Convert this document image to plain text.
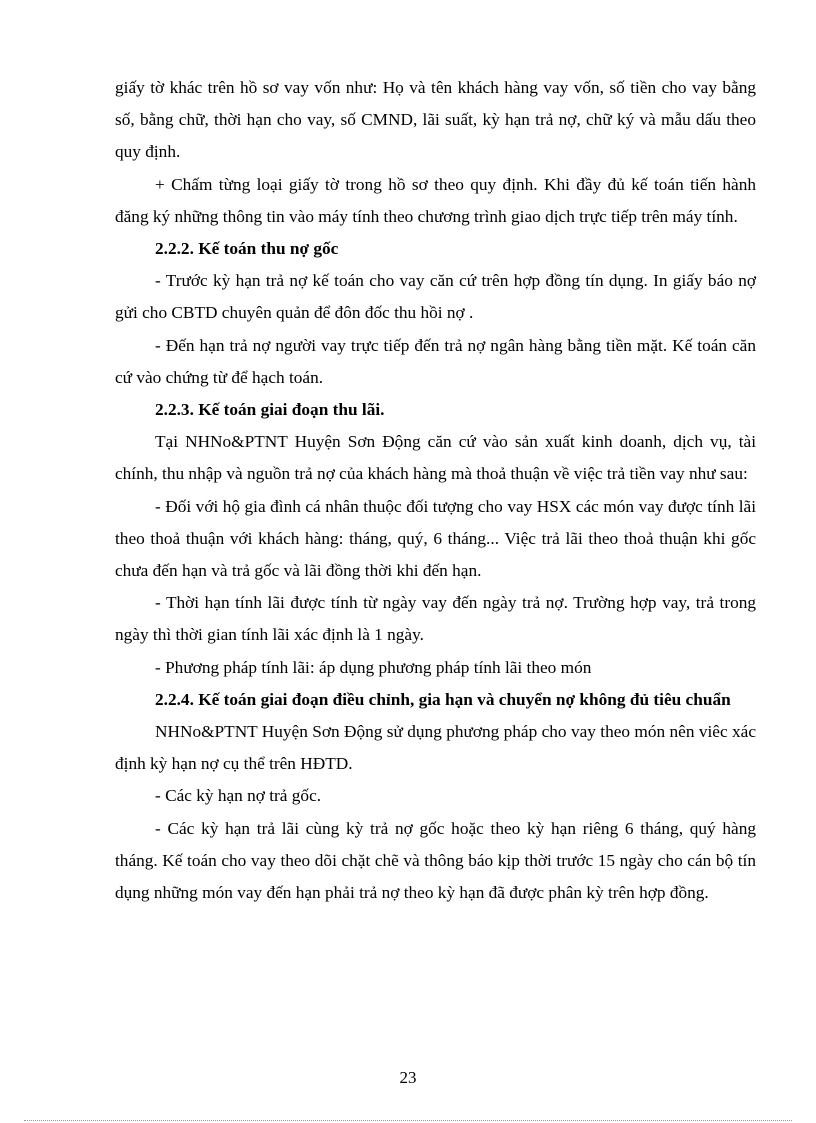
giấy tờ khác trên hồ sơ vay vốn như: Họ và tên khách hàng vay vốn, số tiền cho vay bằng số, bằng chữ, thời hạn cho vay, số CMND, lãi suất, kỳ hạn trả nợ, chữ ký và mẫu dấu theo quy định.

+ Chấm từng loại giấy tờ trong hồ sơ theo quy định. Khi đầy đủ kế toán tiến hành đăng ký những thông tin vào máy tính theo chương trình giao dịch trực tiếp trên máy tính.

2.2.2. Kế toán thu nợ gốc

- Trước kỳ hạn trả nợ kế toán cho vay căn cứ trên hợp đồng tín dụng. In giấy báo nợ gửi cho CBTD chuyên quản để đôn đốc thu hồi nợ .

- Đến hạn trả nợ người vay trực tiếp đến trả nợ ngân hàng bằng tiền mặt. Kế toán căn cứ vào chứng từ để hạch toán.

2.2.3. Kế toán giai đoạn thu lãi.

Tại NHNo&PTNT Huyện Sơn Động căn cứ vào sản xuất kinh doanh, dịch vụ, tài chính, thu nhập và nguồn trả nợ của khách hàng mà thoả thuận về việc trả tiền vay như sau:

- Đối với hộ gia đình cá nhân thuộc đối tượng cho vay HSX các món vay được tính lãi theo thoả thuận với khách hàng: tháng, quý, 6 tháng... Việc trả lãi theo thoả thuận khi gốc chưa đến hạn và trả gốc và lãi đồng thời khi đến hạn.

- Thời hạn tính lãi được tính từ ngày vay đến ngày trả nợ. Trường hợp vay, trả trong ngày thì thời gian tính lãi xác định là 1 ngày.

- Phương pháp tính lãi: áp dụng phương pháp tính lãi theo món

2.2.4. Kế toán giai đoạn điều chỉnh, gia hạn và chuyển nợ không đủ tiêu chuẩn

NHNo&PTNT Huyện Sơn Động sử dụng phương pháp cho vay theo món nên viêc xác định kỳ hạn nợ cụ thể trên HĐTD.

- Các kỳ hạn nợ trả gốc.

- Các kỳ hạn trả lãi cùng kỳ trả nợ gốc hoặc theo kỳ hạn riêng 6 tháng, quý hàng tháng. Kế toán cho vay theo dõi chặt chẽ và thông báo kịp thời trước 15 ngày cho cán bộ tín dụng những món vay đến hạn phải trả nợ theo kỳ hạn đã được phân kỳ trên hợp đồng.

23
